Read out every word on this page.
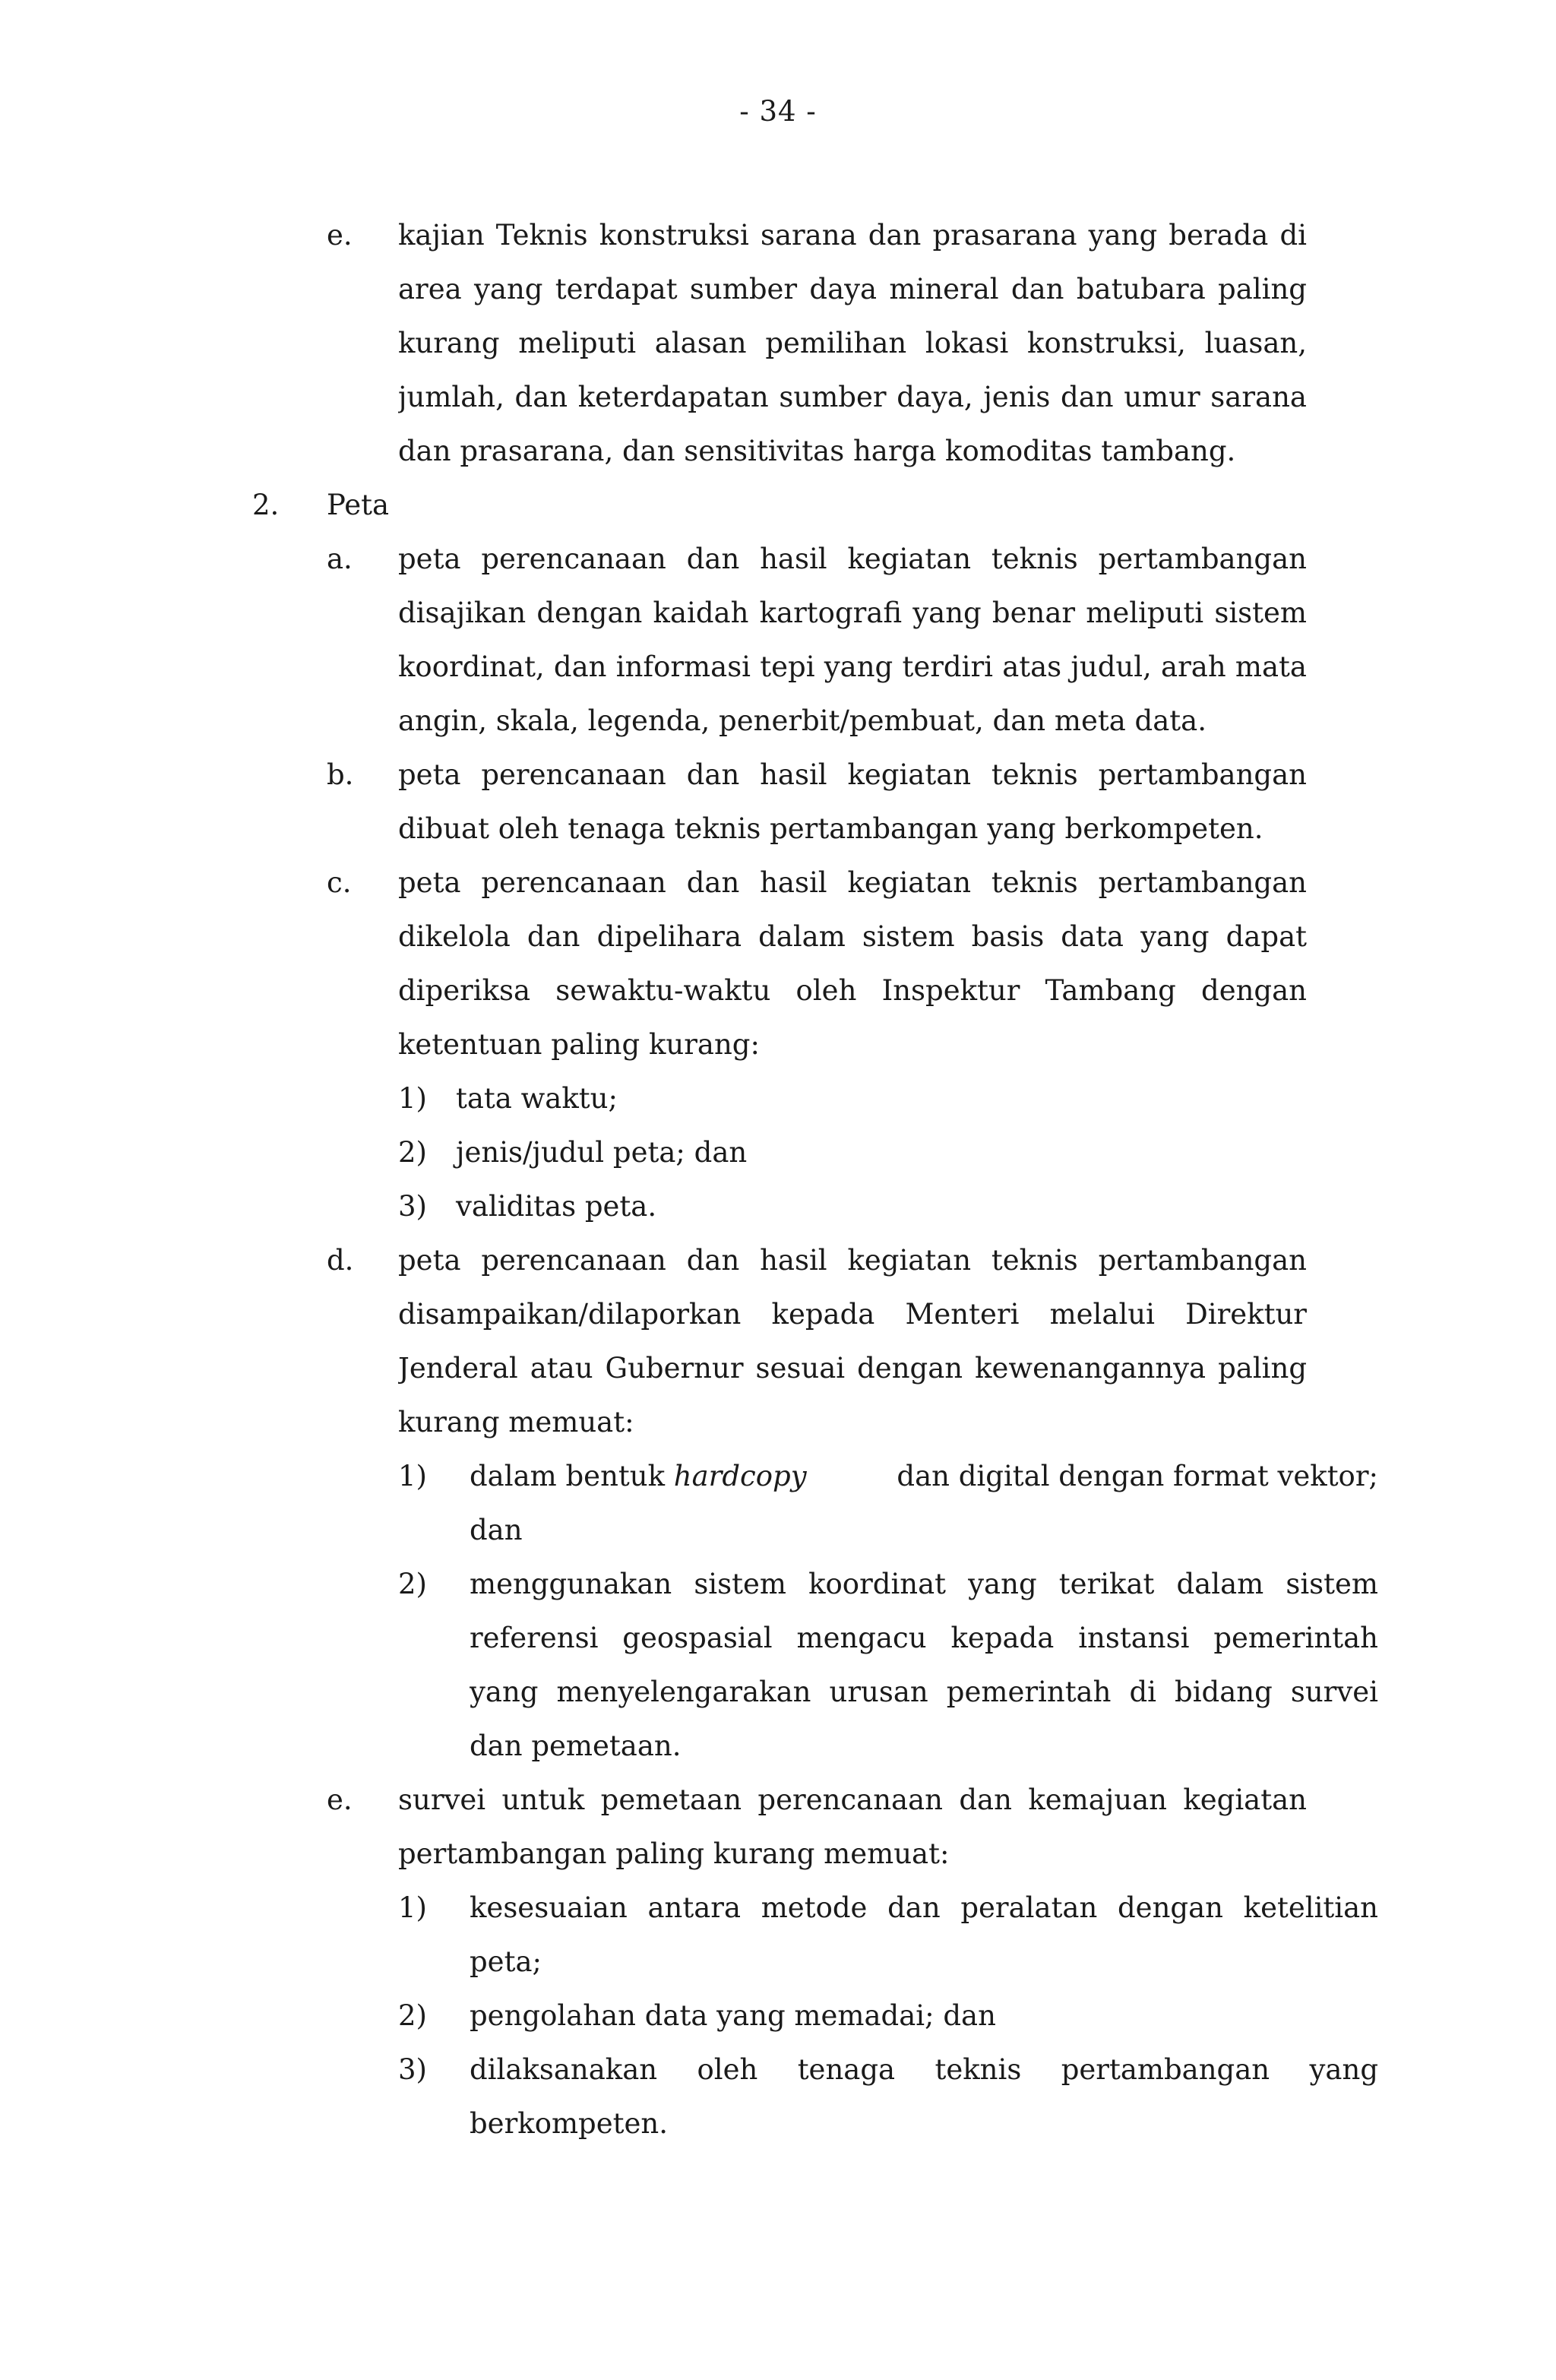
- 34 -
e. kajian Teknis konstruksi sarana dan prasarana yang berada di
area yang terdapat sumber daya mineral dan batubara paling
kurang meliputi alasan pemilihan lokasi konstruksi, luasan,
jumlah, dan keterdapatan sumber daya, jenis dan umur sarana
dan prasarana, dan sensitivitas harga komoditas tambang.
2. Peta
a. peta perencanaan dan hasil kegiatan teknis pertambangan
disajikan dengan kaidah kartografi yang benar meliputi sistem
koordinat, dan informasi tepi yang terdiri atas judul, arah mata
angin, skala, legenda, penerbit/pembuat, dan meta data.
b. peta perencanaan dan hasil kegiatan teknis pertambangan
dibuat oleh tenaga teknis pertambangan yang berkompeten.
c. peta perencanaan dan hasil kegiatan teknis pertambangan
dikelola dan dipelihara dalam sistem basis data yang dapat
diperiksa sewaktu-waktu oleh Inspektur Tambang dengan
ketentuan paling kurang:
1) tata waktu;
2) jenis/judul peta; dan
3) validitas peta.
d. peta perencanaan dan hasil kegiatan teknis pertambangan
disampaikan/dilaporkan kepada Menteri melalui Direktur
Jenderal atau Gubernur sesuai dengan kewenangannya paling
kurang memuat:
1) dalam bentuk hardcopy	dan digital dengan format vektor;
dan
2) menggunakan sistem koordinat yang terikat dalam sistem
referensi geospasial mengacu kepada instansi pemerintah
yang menyelengarakan urusan pemerintah di bidang survei
dan pemetaan.
e. survei untuk pemetaan perencanaan dan kemajuan kegiatan
pertambangan paling kurang memuat:
1) kesesuaian antara metode dan peralatan dengan ketelitian
peta;
2) pengolahan data yang memadai; dan
3) dilaksanakan oleh tenaga teknis pertambangan yang
berkompeten.
